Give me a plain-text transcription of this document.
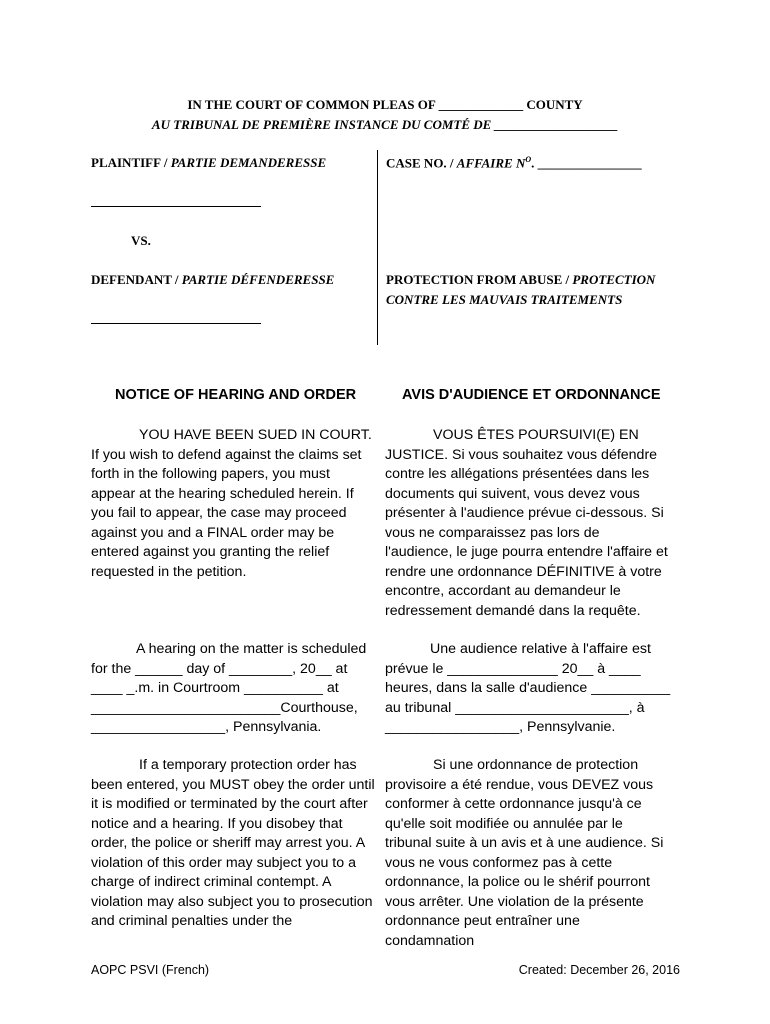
IN THE COURT OF COMMON PLEAS OF _____________ COUNTY
AU TRIBUNAL DE PREMIÈRE INSTANCE DU COMTÉ DE ___________________
PLAINTIFF / PARTIE DEMANDERESSE
VS.
DEFENDANT / PARTIE DÉFENDERESSE
CASE NO. / AFFAIRE $N^O$. ________________
PROTECTION FROM ABUSE / PROTECTION
CONTRE LES MAUVAIS TRAITEMENTS
NOTICE OF HEARING AND ORDER	AVIS D'AUDIENCE ET ORDONNANCE

YOU HAVE BEEN SUED IN COURT. If you wish to defend against the claims set forth in the following papers, you must appear at the hearing scheduled herein. If you fail to appear, the case may proceed against you and a FINAL order may be entered against you granting the relief requested in the petition.

A hearing on the matter is scheduled

for the ______ day of ________, 20__ at

____ _.m. in Courtroom __________ at

________________________Courthouse,

_________________, Pennsylvania.

If a temporary protection order has been entered, you MUST obey the order until it is modified or terminated by the court after notice and a hearing. If you disobey that order, the police or sheriff may arrest you. A violation of this order may subject you to a charge of indirect criminal contempt. A violation may also subject you to prosecution and criminal penalties under the

VOUS ÊTES POURSUIVI(E) EN JUSTICE. Si vous souhaitez vous défendre contre les allégations présentées dans les documents qui suivent, vous devez vous présenter à l'audience prévue ci-dessous. Si vous ne comparaissez pas lors de l'audience, le juge pourra entendre l'affaire et rendre une ordonnance DÉFINITIVE à votre encontre, accordant au demandeur le redressement demandé dans la requête.

Une audience relative à l'affaire est

prévue le ______________ 20__ à ____

heures, dans la salle d'audience __________

au tribunal ______________________, à

_________________, Pennsylvanie.

Si une ordonnance de protection provisoire a été rendue, vous DEVEZ vous conformer à cette ordonnance jusqu'à ce qu'elle soit modifiée ou annulée par le tribunal suite à un avis et à une audience. Si vous ne vous conformez pas à cette ordonnance, la police ou le shérif pourront vous arrêter. Une violation de la présente ordonnance peut entraîner une condamnation

AOPC PSVI (French)	Created: December 26, 2016
